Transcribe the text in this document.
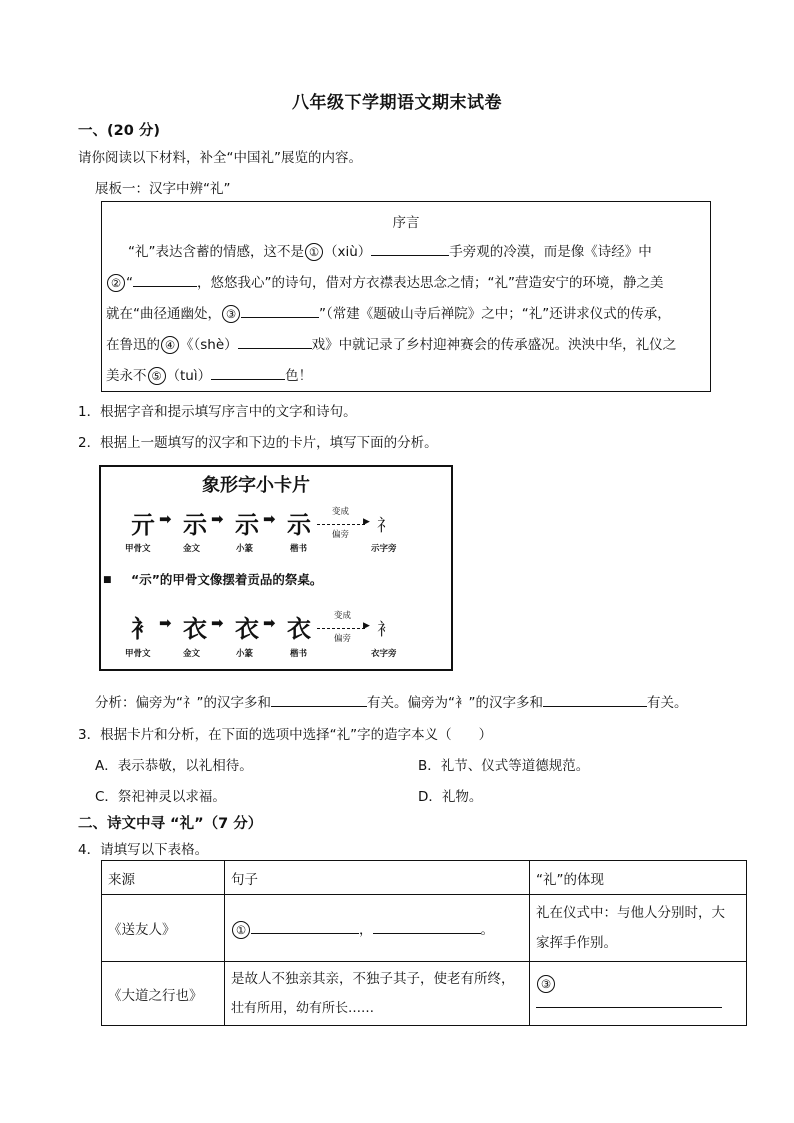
八年级下学期语文期末试卷
一、(20 分)
请你阅读以下材料，补全“中国礼”展览的内容。
展板一：汉字中辨“礼”
序言
“礼”表达含蓄的情感，这不是 ① （xiù）	手旁观的冷漠，而是像《诗经》中
② “	，悠悠我心”的诗句，借对方衣襟表达思念之情；“礼”营造安宁的环境，静之美
就在“曲径通幽处， ③	”（常建《题破山寺后禅院》之中；“礼”还讲求仪式的传承，
在鲁迅的 ④ 《（shè）	戏》中就记录了乡村迎神赛会的传承盛况。泱泱中华，礼仪之
美永不 ⑤ （tuì）	色！
1．根据字音和提示填写序言中的文字和诗句。
2．根据上一题填写的汉字和下边的卡片，填写下面的分析。
象形字小卡片
亓 ➡ 示 ➡ 示 ➡ 示 变成
▶
偏旁 礻
甲骨文	金文	小篆	楷书	示字旁
“示”的甲骨文像摆着贡品的祭桌。
■
衤 ➡ 衣 ➡ 衣 ➡ 衣	变成
▶
偏旁 衤
甲骨文	金文	小篆	楷书	衣字旁
分析：偏旁为“礻”的汉字多和	有关。偏旁为“衤”的汉字多和	有关。
3．根据卡片和分析，在下面的选项中选择“礼”字的造字本义（　　）
A．表示恭敬，以礼相待。	B．礼节、仪式等道德规范。
C．祭祀神灵以求福。	D．礼物。
二、诗文中寻 “礼”（7 分）
4．请填写以下表格。
来源	句子	“礼”的体现
《送友人》	① ， 。	礼在仪式中：与他人分别时，大
家挥手作别。

《大道之行也》	是故人不独亲其亲，不独子其子，使老有所终，
壮有所用，幼有所长……	③
